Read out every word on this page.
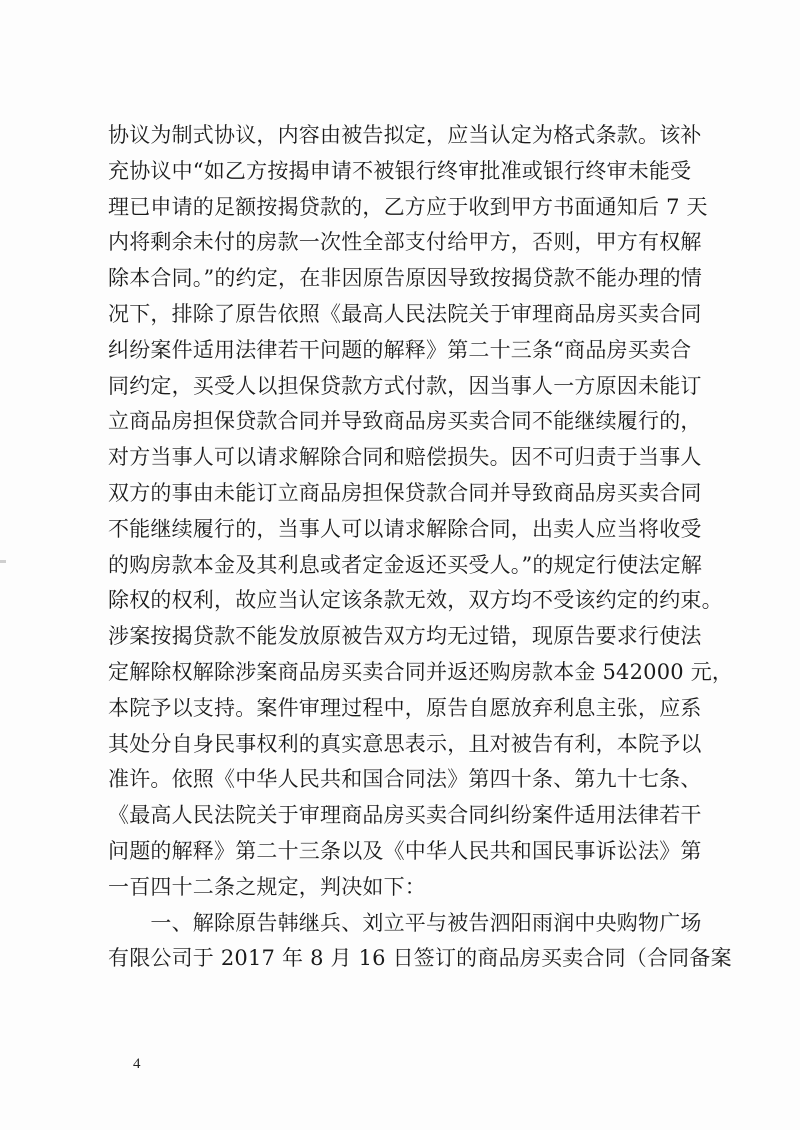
协议为制式协议，内容由被告拟定，应当认定为格式条款。该补
充协议中“如乙方按揭申请不被银行终审批准或银行终审未能受
理已申请的足额按揭贷款的，乙方应于收到甲方书面通知后 7 天
内将剩余未付的房款一次性全部支付给甲方，否则，甲方有权解
除本合同。”的约定，在非因原告原因导致按揭贷款不能办理的情
况下，排除了原告依照《最高人民法院关于审理商品房买卖合同
纠纷案件适用法律若干问题的解释》第二十三条“商品房买卖合
同约定，买受人以担保贷款方式付款，因当事人一方原因未能订
立商品房担保贷款合同并导致商品房买卖合同不能继续履行的，
对方当事人可以请求解除合同和赔偿损失。因不可归责于当事人
双方的事由未能订立商品房担保贷款合同并导致商品房买卖合同
不能继续履行的，当事人可以请求解除合同，出卖人应当将收受
的购房款本金及其利息或者定金返还买受人。”的规定行使法定解
除权的权利，故应当认定该条款无效，双方均不受该约定的约束。
涉案按揭贷款不能发放原被告双方均无过错，现原告要求行使法
定解除权解除涉案商品房买卖合同并返还购房款本金 542000 元，
本院予以支持。案件审理过程中，原告自愿放弃利息主张，应系
其处分自身民事权利的真实意思表示，且对被告有利，本院予以
准许。依照《中华人民共和国合同法》第四十条、第九十七条、
《最高人民法院关于审理商品房买卖合同纠纷案件适用法律若干
问题的解释》第二十三条以及《中华人民共和国民事诉讼法》第
一百四十二条之规定，判决如下：
　　一、解除原告韩继兵、刘立平与被告泗阳雨润中央购物广场
有限公司于 2017 年 8 月 16 日签订的商品房买卖合同（合同备案
4
